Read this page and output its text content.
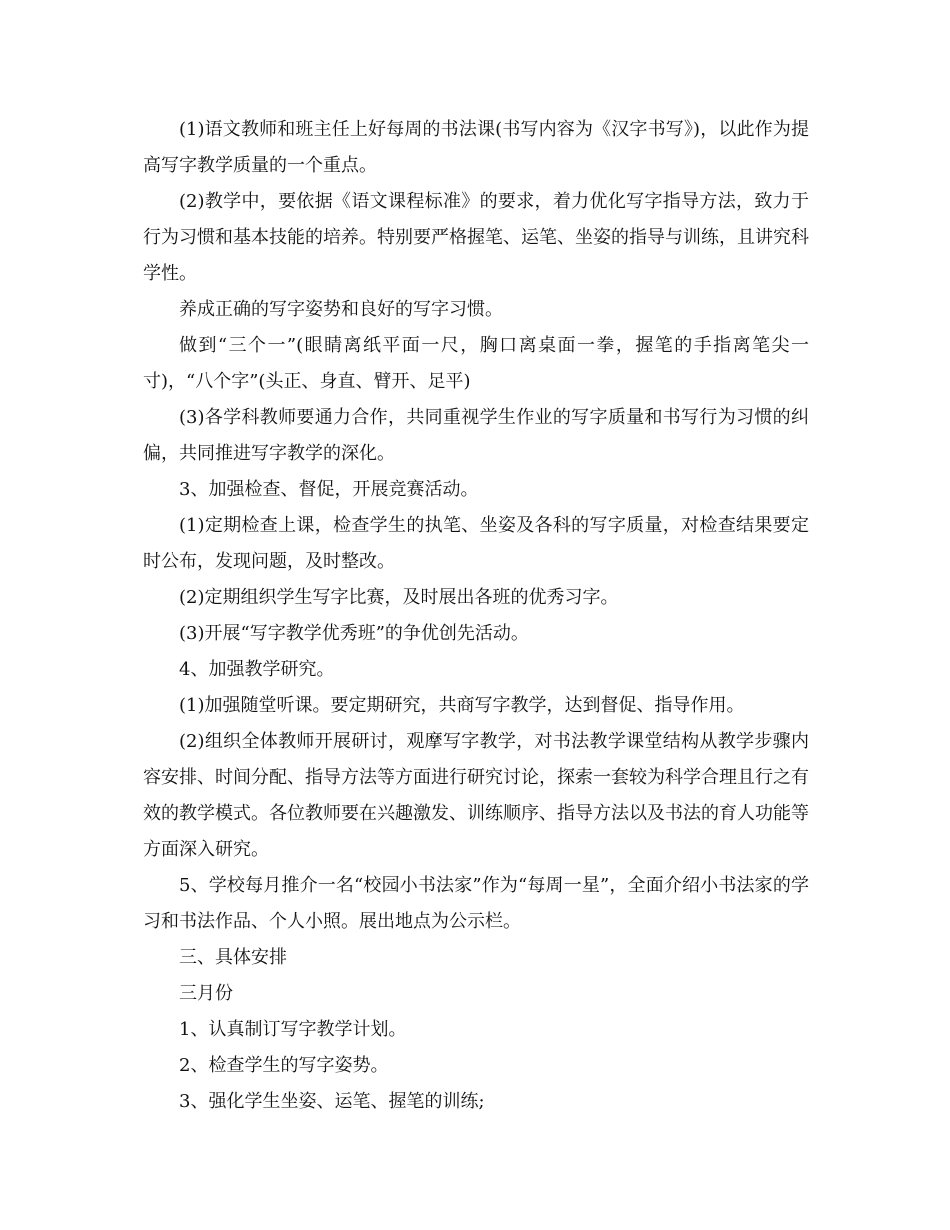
(1)语文教师和班主任上好每周的书法课(书写内容为《汉字书写》)，以此作为提高写字教学质量的一个重点。

(2)教学中，要依据《语文课程标准》的要求，着力优化写字指导方法，致力于行为习惯和基本技能的培养。特别要严格握笔、运笔、坐姿的指导与训练，且讲究科学性。

养成正确的写字姿势和良好的写字习惯。

做到“三个一”(眼睛离纸平面一尺，胸口离桌面一拳，握笔的手指离笔尖一寸)，“八个字”(头正、身直、臂开、足平)

(3)各学科教师要通力合作，共同重视学生作业的写字质量和书写行为习惯的纠偏，共同推进写字教学的深化。

3、加强检查、督促，开展竞赛活动。

(1)定期检查上课，检查学生的执笔、坐姿及各科的写字质量，对检查结果要定时公布，发现问题，及时整改。

(2)定期组织学生写字比赛，及时展出各班的优秀习字。

(3)开展“写字教学优秀班”的争优创先活动。

4、加强教学研究。

(1)加强随堂听课。要定期研究，共商写字教学，达到督促、指导作用。

(2)组织全体教师开展研讨，观摩写字教学，对书法教学课堂结构从教学步骤内容安排、时间分配、指导方法等方面进行研究讨论，探索一套较为科学合理且行之有效的教学模式。各位教师要在兴趣激发、训练顺序、指导方法以及书法的育人功能等方面深入研究。

5、学校每月推介一名“校园小书法家”作为“每周一星”，全面介绍小书法家的学习和书法作品、个人小照。展出地点为公示栏。

三、具体安排

三月份

1、认真制订写字教学计划。

2、检查学生的写字姿势。

3、强化学生坐姿、运笔、握笔的训练;
